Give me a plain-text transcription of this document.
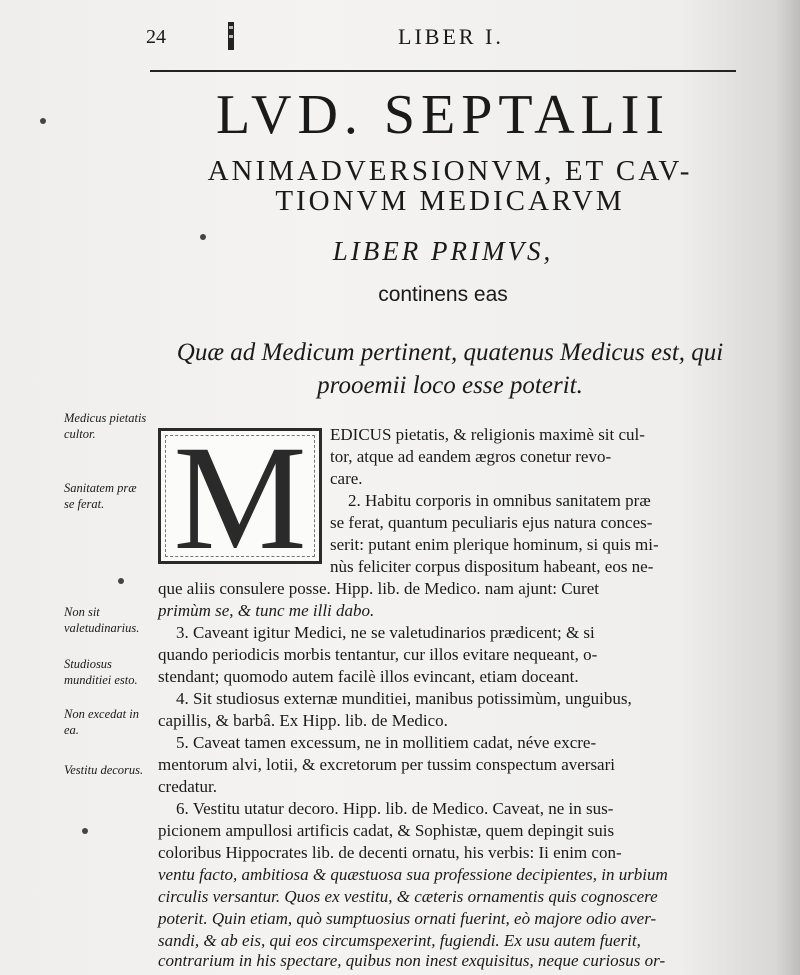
24	LIBER I.
LVD. SEPTALII
ANIMADVERSIONVM, ET CAV-
TIONVM MEDICARVM
LIBER PRIMVS,
continens eas
Quæ ad Medicum pertinent, quatenus Medicus est, qui
prooemii loco esse poterit.
Medicus pietatis cultor.
Sanitatem præ se ferat.
Non sit valetudinarius.
Studiosus munditiei esto.
Non excedat in ea.
Vestitu decorus.
M	EDICUS pietatis, & religionis maximè sit cul-
tor, atque ad eandem ægros conetur revo-
care.
2. Habitu corporis in omnibus sanitatem præ
se ferat, quantum peculiaris ejus natura conces-
serit: putant enim plerique hominum, si quis mi-
nùs feliciter corpus dispositum habeant, eos ne-
que aliis consulere posse. Hipp. lib. de Medico. nam ajunt: Curet
primùm se, & tunc me illi dabo.
3. Caveant igitur Medici, ne se valetudinarios prædicent; & si
quando periodicis morbis tentantur, cur illos evitare nequeant, o-
stendant; quomodo autem facilè illos evincant, etiam doceant.
4. Sit studiosus externæ munditiei, manibus potissimùm, unguibus,
capillis, & barbâ. Ex Hipp. lib. de Medico.
5. Caveat tamen excessum, ne in mollitiem cadat, néve excre-
mentorum alvi, lotii, & excretorum per tussim conspectum aversari
credatur.
6. Vestitu utatur decoro. Hipp. lib. de Medico. Caveat, ne in sus-
picionem ampullosi artificis cadat, & Sophistæ, quem depingit suis
coloribus Hippocrates lib. de decenti ornatu, his verbis: Ii enim con-
ventu facto, ambitiosa & quæstuosa sua professione decipientes, in urbium
circulis versantur. Quos ex vestitu, & cæteris ornamentis quis cognoscere
poterit. Quin etiam, quò sumptuosius ornati fuerint, eò majore odio aver-
sandi, & ab eis, qui eos circumspexerint, fugiendi. Ex usu autem fuerit,
contrarium in his spectare, quibus non inest exquisitus, neque curiosus or-
